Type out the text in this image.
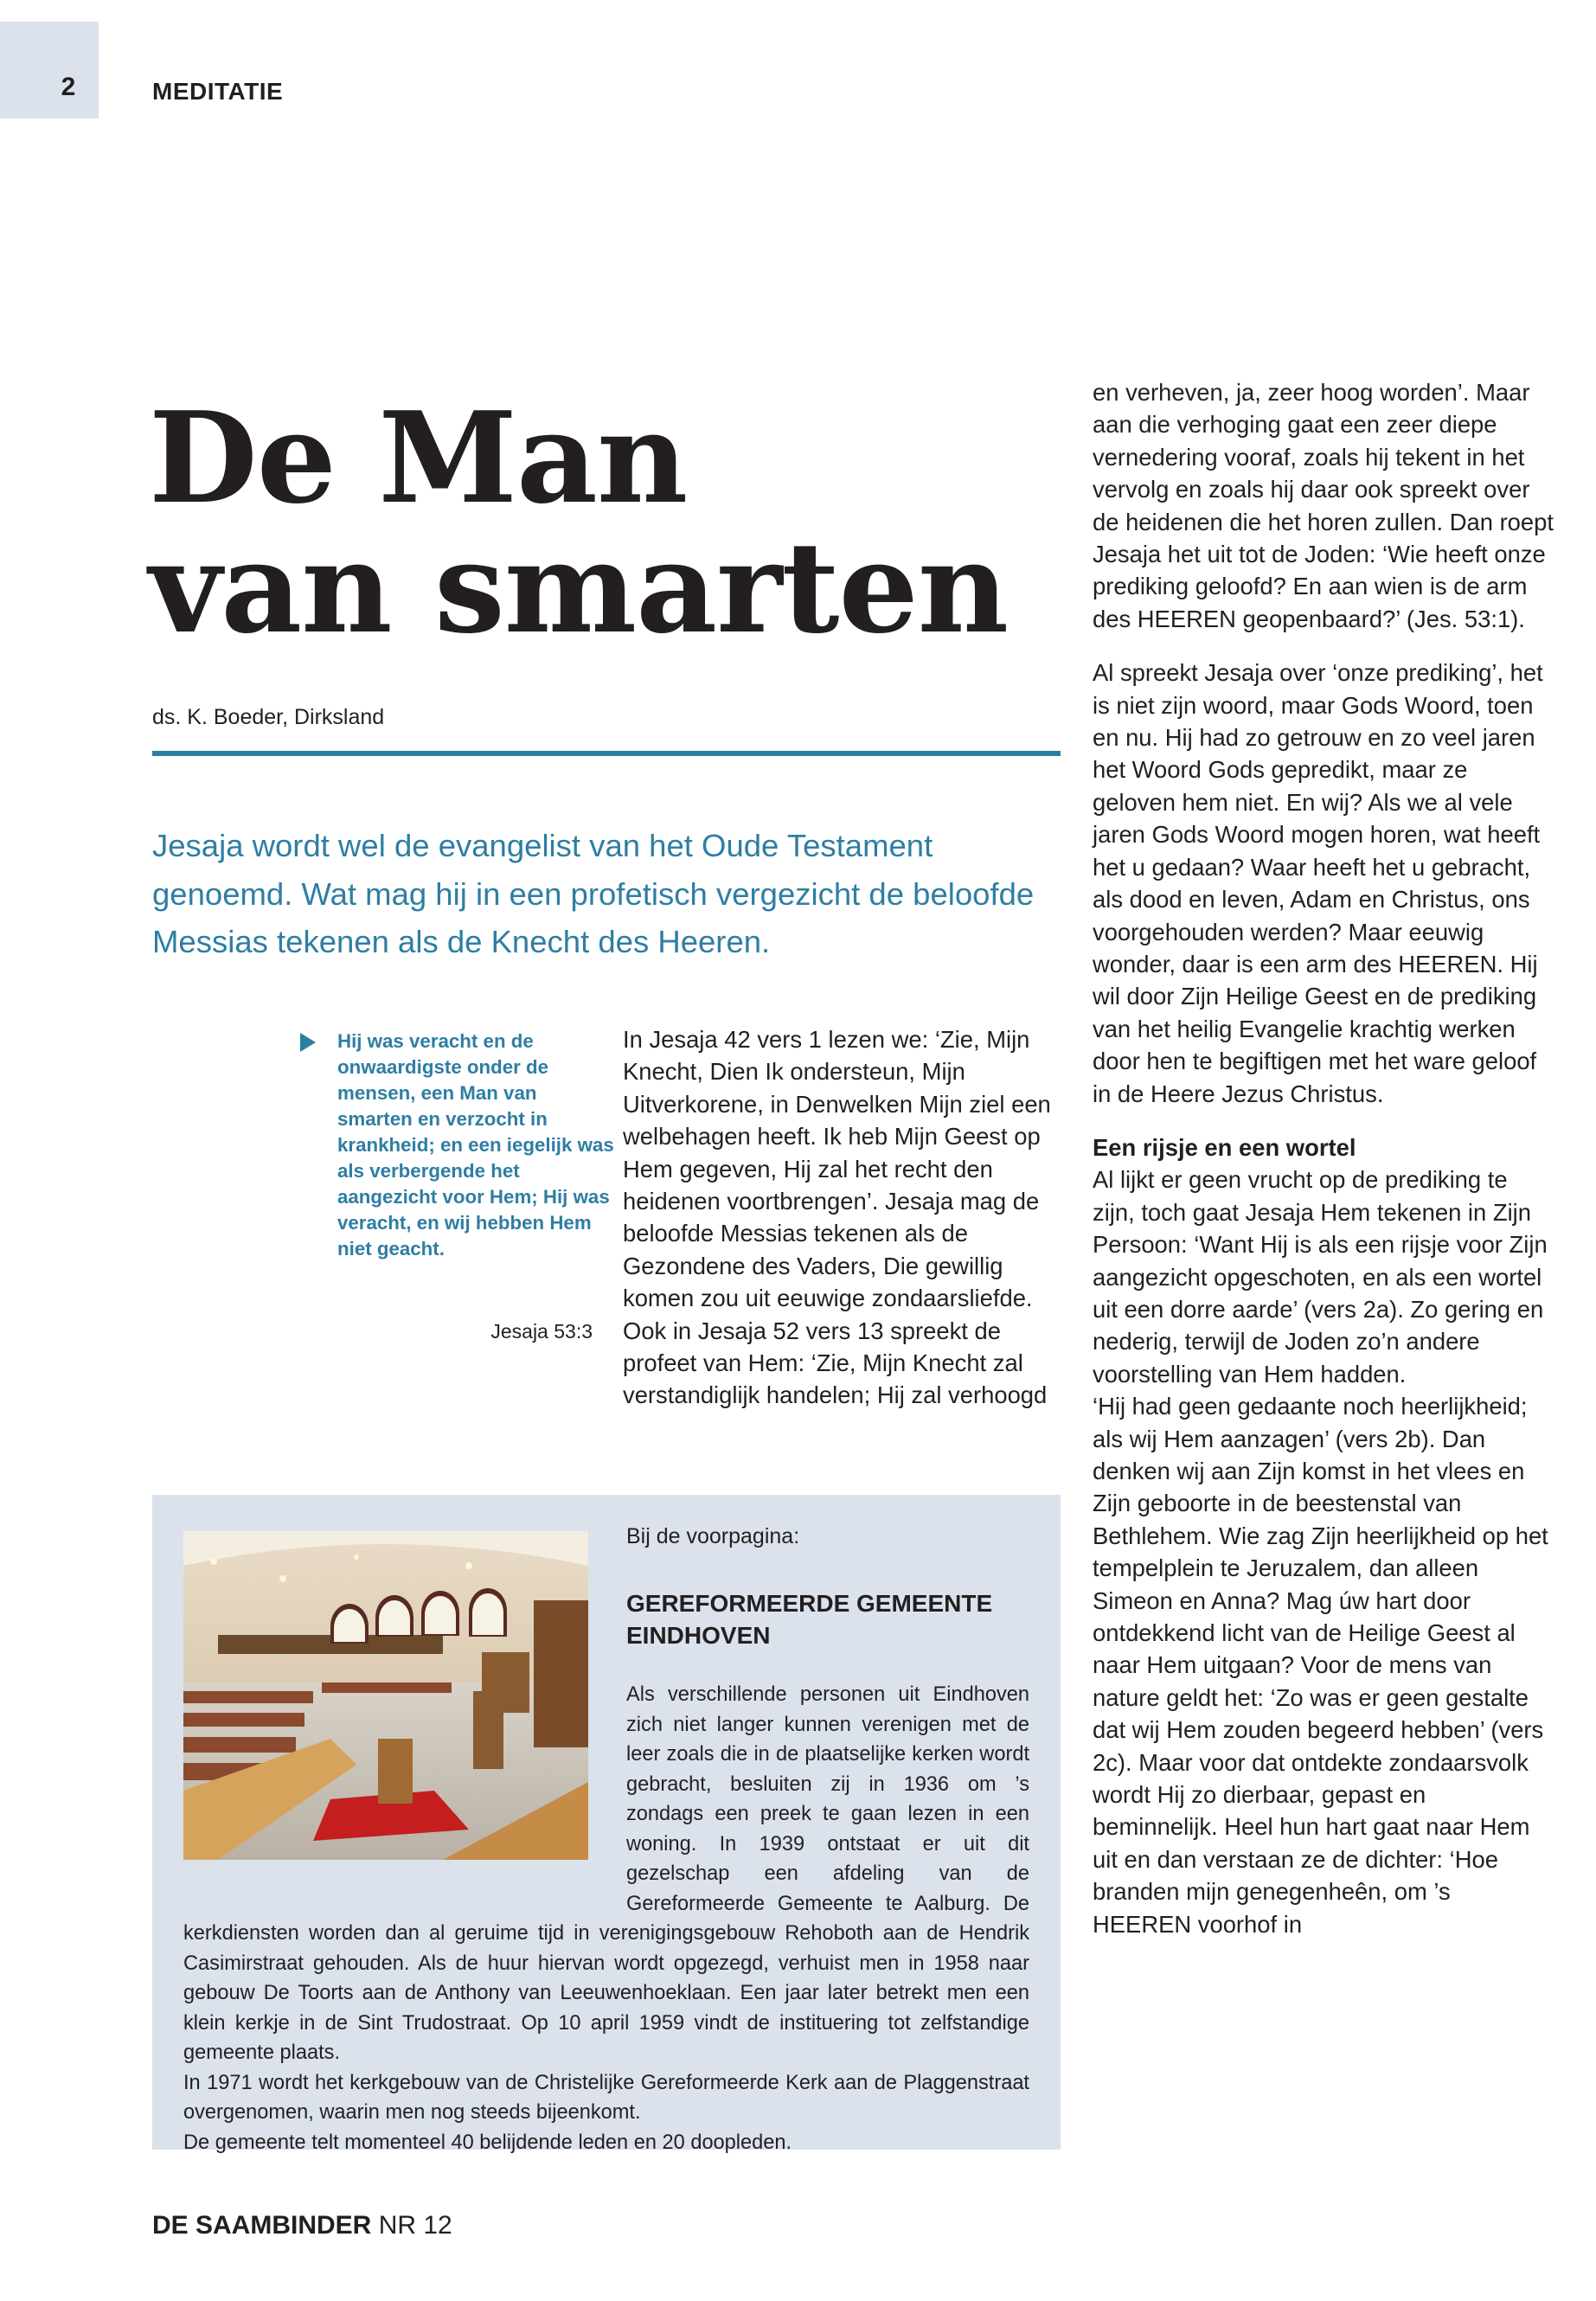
2	MEDITATIE
De Man
van smarten
ds. K. Boeder, Dirksland
Jesaja wordt wel de evangelist van het Oude Testament genoemd. Wat mag hij in een profetisch vergezicht de beloofde Messias tekenen als de Knecht des Heeren.
Hij was veracht en de onwaardigste onder de mensen, een Man van smarten en verzocht in krankheid; en een iegelijk was als verbergende het aangezicht voor Hem; Hij was veracht, en wij hebben Hem niet geacht.
Jesaja 53:3

In Jesaja 42 vers 1 lezen we: ‘Zie, Mijn Knecht, Dien Ik ondersteun, Mijn Uitverkorene, in Denwelken Mijn ziel een welbehagen heeft. Ik heb Mijn Geest op Hem gegeven, Hij zal het recht den heidenen voortbrengen’. Jesaja mag de beloofde Messias tekenen als de Gezondene des Vaders, Die gewillig komen zou uit eeuwige zondaarsliefde. Ook in Jesaja 52 vers 13 spreekt de profeet van Hem: ‘Zie, Mijn Knecht zal verstandiglijk handelen; Hij zal verhoogd

en verheven, ja, zeer hoog worden’. Maar aan die verhoging gaat een zeer diepe vernedering vooraf, zoals hij tekent in het vervolg en zoals hij daar ook spreekt over de heidenen die het horen zullen. Dan roept Jesaja het uit tot de Joden: ‘Wie heeft onze prediking geloofd? En aan wien is de arm des HEEREN geopenbaard?’ (Jes. 53:1).

Al spreekt Jesaja over ‘onze prediking’, het is niet zijn woord, maar Gods Woord, toen en nu. Hij had zo getrouw en zo veel jaren het Woord Gods gepredikt, maar ze geloven hem niet. En wij? Als we al vele jaren Gods Woord mogen horen, wat heeft het u gedaan? Waar heeft het u gebracht, als dood en leven, Adam en Christus, ons voorgehouden werden? Maar eeuwig wonder, daar is een arm des HEEREN. Hij wil door Zijn Heilige Geest en de prediking van het heilig Evangelie krachtig werken door hen te begiftigen met het ware geloof in de Heere Jezus Christus.

Een rijsje en een wortel

Al lijkt er geen vrucht op de prediking te zijn, toch gaat Jesaja Hem tekenen in Zijn Persoon: ‘Want Hij is als een rijsje voor Zijn aangezicht opgeschoten, en als een wortel uit een dorre aarde’ (vers 2a). Zo gering en nederig, terwijl de Joden zo’n andere voorstelling van Hem hadden.

‘Hij had geen gedaante noch heerlijkheid; als wij Hem aanzagen’ (vers 2b). Dan denken wij aan Zijn komst in het vlees en Zijn geboorte in de beestenstal van Bethlehem. Wie zag Zijn heerlijkheid op het tempelplein te Jeruzalem, dan alleen Simeon en Anna? Mag úw hart door ontdekkend licht van de Heilige Geest al naar Hem uitgaan? Voor de mens van nature geldt het: ‘Zo was er geen gestalte dat wij Hem zouden begeerd hebben’ (vers 2c). Maar voor dat ontdekte zondaarsvolk wordt Hij zo dierbaar, gepast en beminnelijk. Heel hun hart gaat naar Hem uit en dan verstaan ze de dichter: ‘Hoe branden mijn genegenheên, om ’s HEEREN voorhof in

Bij de voorpagina:
GEREFORMEERDE GEMEENTE EINDHOVEN

Als verschillende personen uit Eindhoven zich niet langer kunnen verenigen met de leer zoals die in de plaatselijke kerken wordt gebracht, besluiten zij in 1936 om ’s zondags een preek te gaan lezen in een woning. In 1939 ontstaat er uit dit gezelschap een afdeling van de Gereformeerde Gemeente te Aalburg. De kerkdiensten worden dan al geruime tijd in verenigingsgebouw Rehoboth aan de Hendrik Casimirstraat gehouden. Als de huur hiervan wordt opgezegd, verhuist men in 1958 naar gebouw De Toorts aan de Anthony van Leeuwenhoeklaan. Een jaar later betrekt men een klein kerkje in de Sint Trudostraat. Op 10 april 1959 vindt de instituering tot zelfstandige gemeente plaats.

In 1971 wordt het kerkgebouw van de Christelijke Gereformeerde Kerk aan de Plaggenstraat overgenomen, waarin men nog steeds bijeenkomt.

De gemeente telt momenteel 40 belijdende leden en 20 doopleden.

DE SAAMBINDER NR 12
